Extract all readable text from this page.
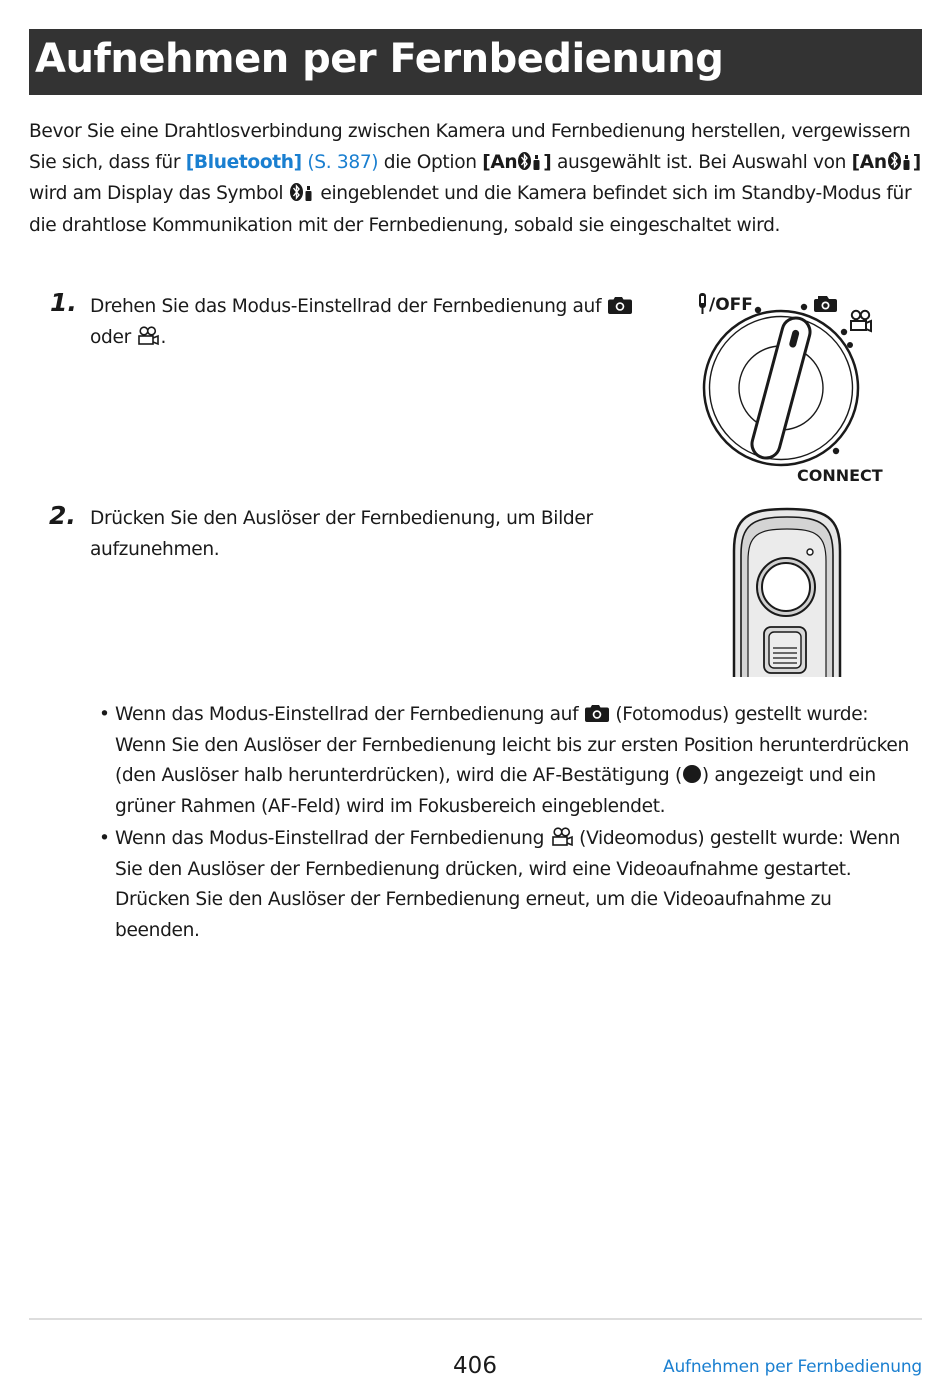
Aufnehmen per Fernbedienung
Bevor Sie eine Drahtlosverbindung zwischen Kamera und Fernbedienung herstellen, vergewissern Sie sich, dass für [Bluetooth] (S. 387) die Option [An ] ausgewählt ist. Bei Auswahl von [An ] wird am Display das Symbol  eingeblendet und die Kamera befindet sich im Standby-Modus für die drahtlose Kommunikation mit der Fernbedienung, sobald sie eingeschaltet wird.
1. Drehen Sie das Modus-Einstellrad der Fernbedienung auf
oder .
/OFF
CONNECT
2. Drücken Sie den Auslöser der Fernbedienung, um Bilder aufzunehmen.
• Wenn das Modus-Einstellrad der Fernbedienung auf  (Fotomodus) gestellt wurde: Wenn Sie den Auslöser der Fernbedienung leicht bis zur ersten Position herunterdrücken (den Auslöser halb herunterdrücken), wird die AF-Bestätigung ( ) angezeigt und ein grüner Rahmen (AF-Feld) wird im Fokusbereich eingeblendet.
• Wenn das Modus-Einstellrad der Fernbedienung  (Videomodus) gestellt wurde: Wenn Sie den Auslöser der Fernbedienung drücken, wird eine Videoaufnahme gestartet. Drücken Sie den Auslöser der Fernbedienung erneut, um die Videoaufnahme zu beenden.
406	Aufnehmen per Fernbedienung
